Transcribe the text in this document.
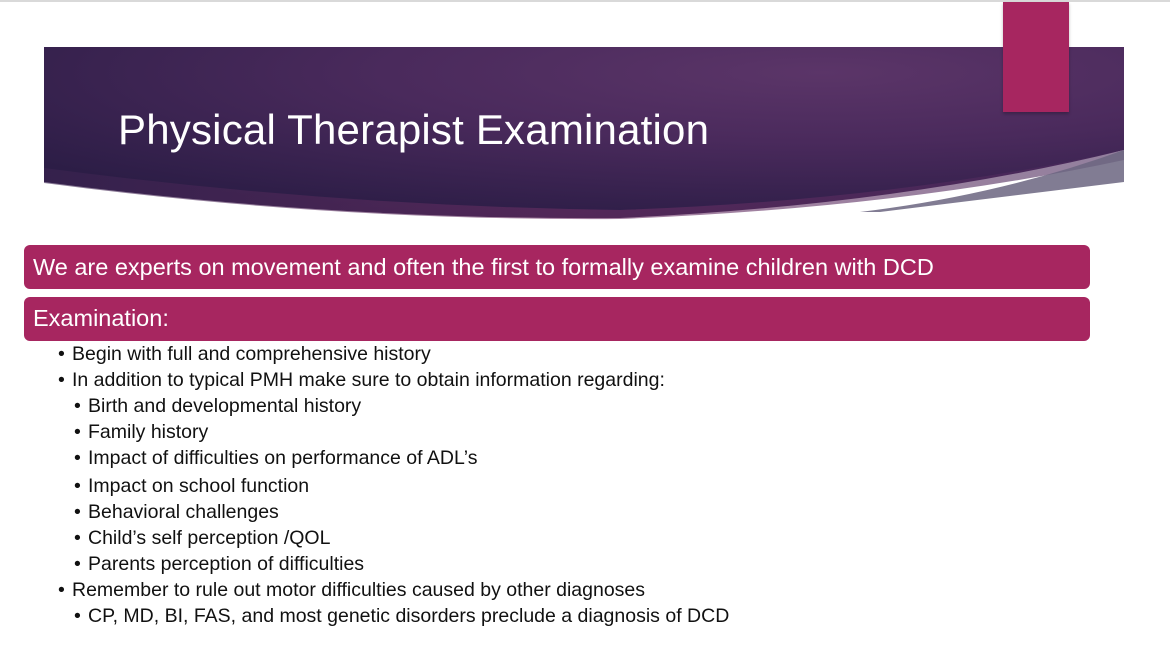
Physical Therapist Examination
We are experts on movement and often the first to formally examine children with DCD
Examination:
• Begin with full and comprehensive history
• In addition to typical PMH make sure to obtain information regarding:
• Birth and developmental history
• Family history
• Impact of difficulties on performance of ADL’s
• Impact on school function
• Behavioral challenges
• Child’s self perception /QOL
• Parents perception of difficulties
• Remember to rule out motor difficulties caused by other diagnoses
• CP, MD, BI, FAS, and most genetic disorders preclude a diagnosis of DCD
